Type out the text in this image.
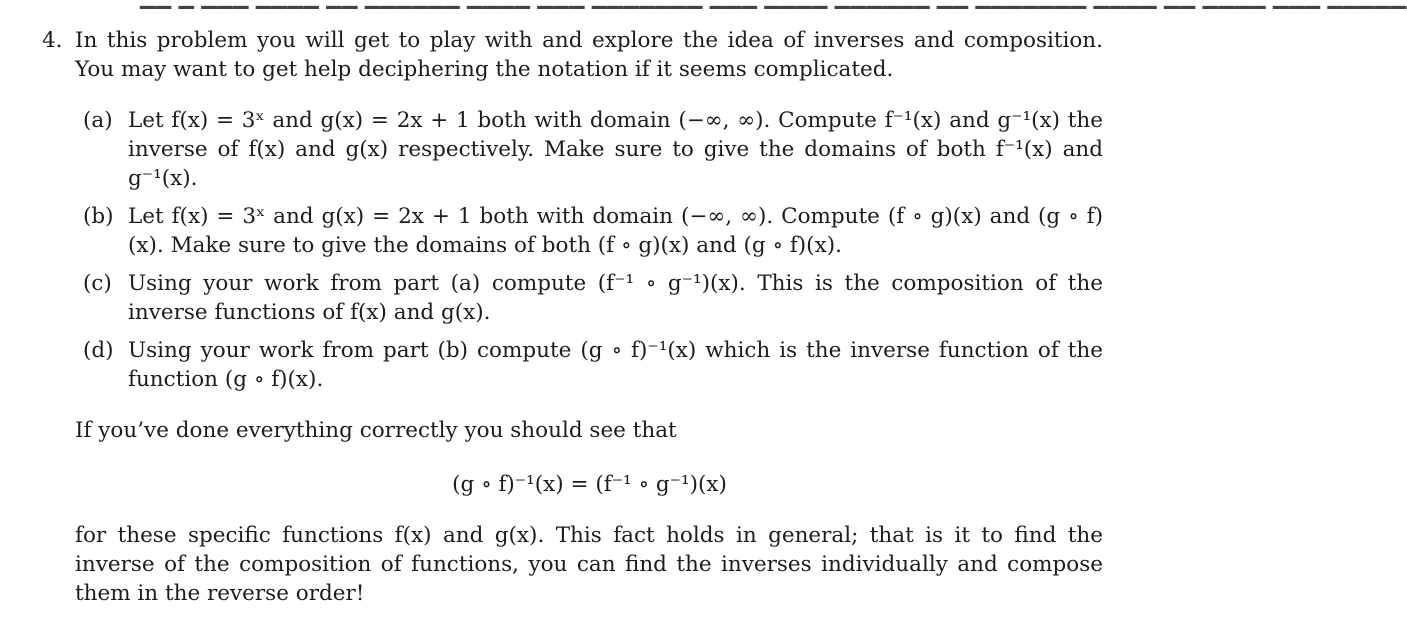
4. In this problem you will get to play with and explore the idea of inverses and composition. You may want to get help deciphering the notation if it seems complicated.

(a) Let f(x) = 3ˣ and g(x) = 2x + 1 both with domain (−∞, ∞). Compute f⁻¹(x) and g⁻¹(x) the inverse of f(x) and g(x) respectively. Make sure to give the domains of both f⁻¹(x) and g⁻¹(x).

(b) Let f(x) = 3ˣ and g(x) = 2x + 1 both with domain (−∞, ∞). Compute (f ∘ g)(x) and (g ∘ f)(x). Make sure to give the domains of both (f ∘ g)(x) and (g ∘ f)(x).

(c) Using your work from part (a) compute (f⁻¹ ∘ g⁻¹)(x). This is the composition of the inverse functions of f(x) and g(x).

(d) Using your work from part (b) compute (g ∘ f)⁻¹(x) which is the inverse function of the function (g ∘ f)(x).

If you’ve done everything correctly you should see that

(g ∘ f)⁻¹(x) = (f⁻¹ ∘ g⁻¹)(x)

for these specific functions f(x) and g(x). This fact holds in general; that is it to find the inverse of the composition of functions, you can find the inverses individually and compose them in the reverse order!
